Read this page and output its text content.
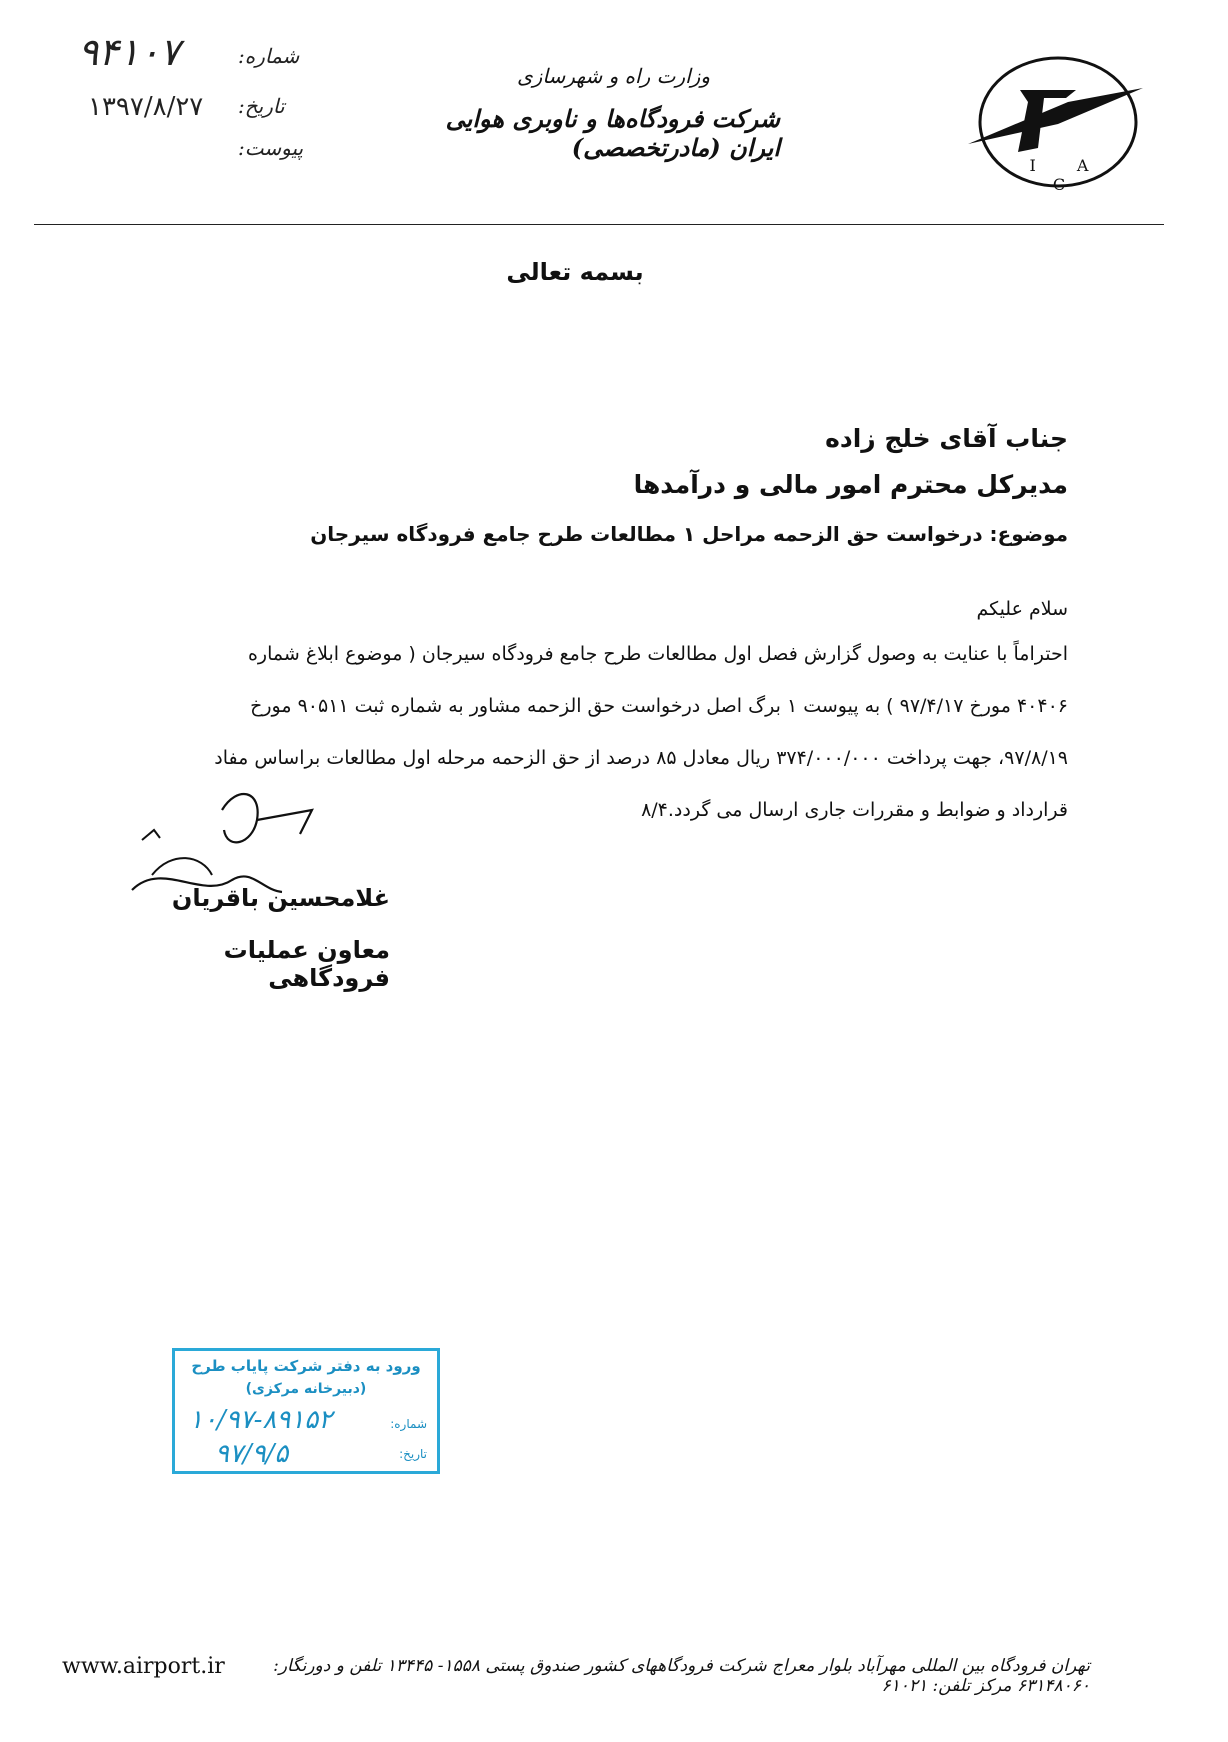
۹۴۱۰۷	شماره:
۱۳۹۷/۸/۲۷ تاریخ:
پیوست:
وزارت راه و شهرسازی
شرکت فرودگاه‌ها و ناوبری هوایی ایران (مادرتخصصی)
I A C
بسمه تعالی
جناب آقای خلج زاده
مدیرکل محترم امور مالی و درآمدها
موضوع: درخواست حق الزحمه مراحل ۱ مطالعات طرح جامع فرودگاه سیرجان
سلام علیکم
احتراماً با عنایت به وصول گزارش فصل اول مطالعات طرح جامع فرودگاه سیرجان ( موضوع ابلاغ شماره
۴۰۴۰۶ مورخ ۹۷/۴/۱۷ ) به پیوست ۱ برگ اصل درخواست حق الزحمه مشاور به شماره ثبت ۹۰۵۱۱ مورخ
۹۷/۸/۱۹، جهت پرداخت ۳۷۴/۰۰۰/۰۰۰ ریال معادل ۸۵ درصد از حق الزحمه مرحله اول مطالعات براساس مفاد
قرارداد و ضوابط و مقررات جاری ارسال می گردد.۸/۴
غلامحسین باقریان
معاون عملیات فرودگاهی
ورود به دفتر شرکت پایاب طرح
(دبیرخانه مرکزی)
شماره:
۱۰/۹۷-۸۹۱۵۲
تاریخ:
۹۷/۹/۵
www.airport.ir	تهران فرودگاه بین المللی مهرآباد بلوار معراج شرکت فرودگاههای کشور صندوق پستی ۱۵۵۸- ۱۳۴۴۵ تلفن و دورنگار: ۶۳۱۴۸۰۶۰ مرکز تلفن: ۶۱۰۲۱
